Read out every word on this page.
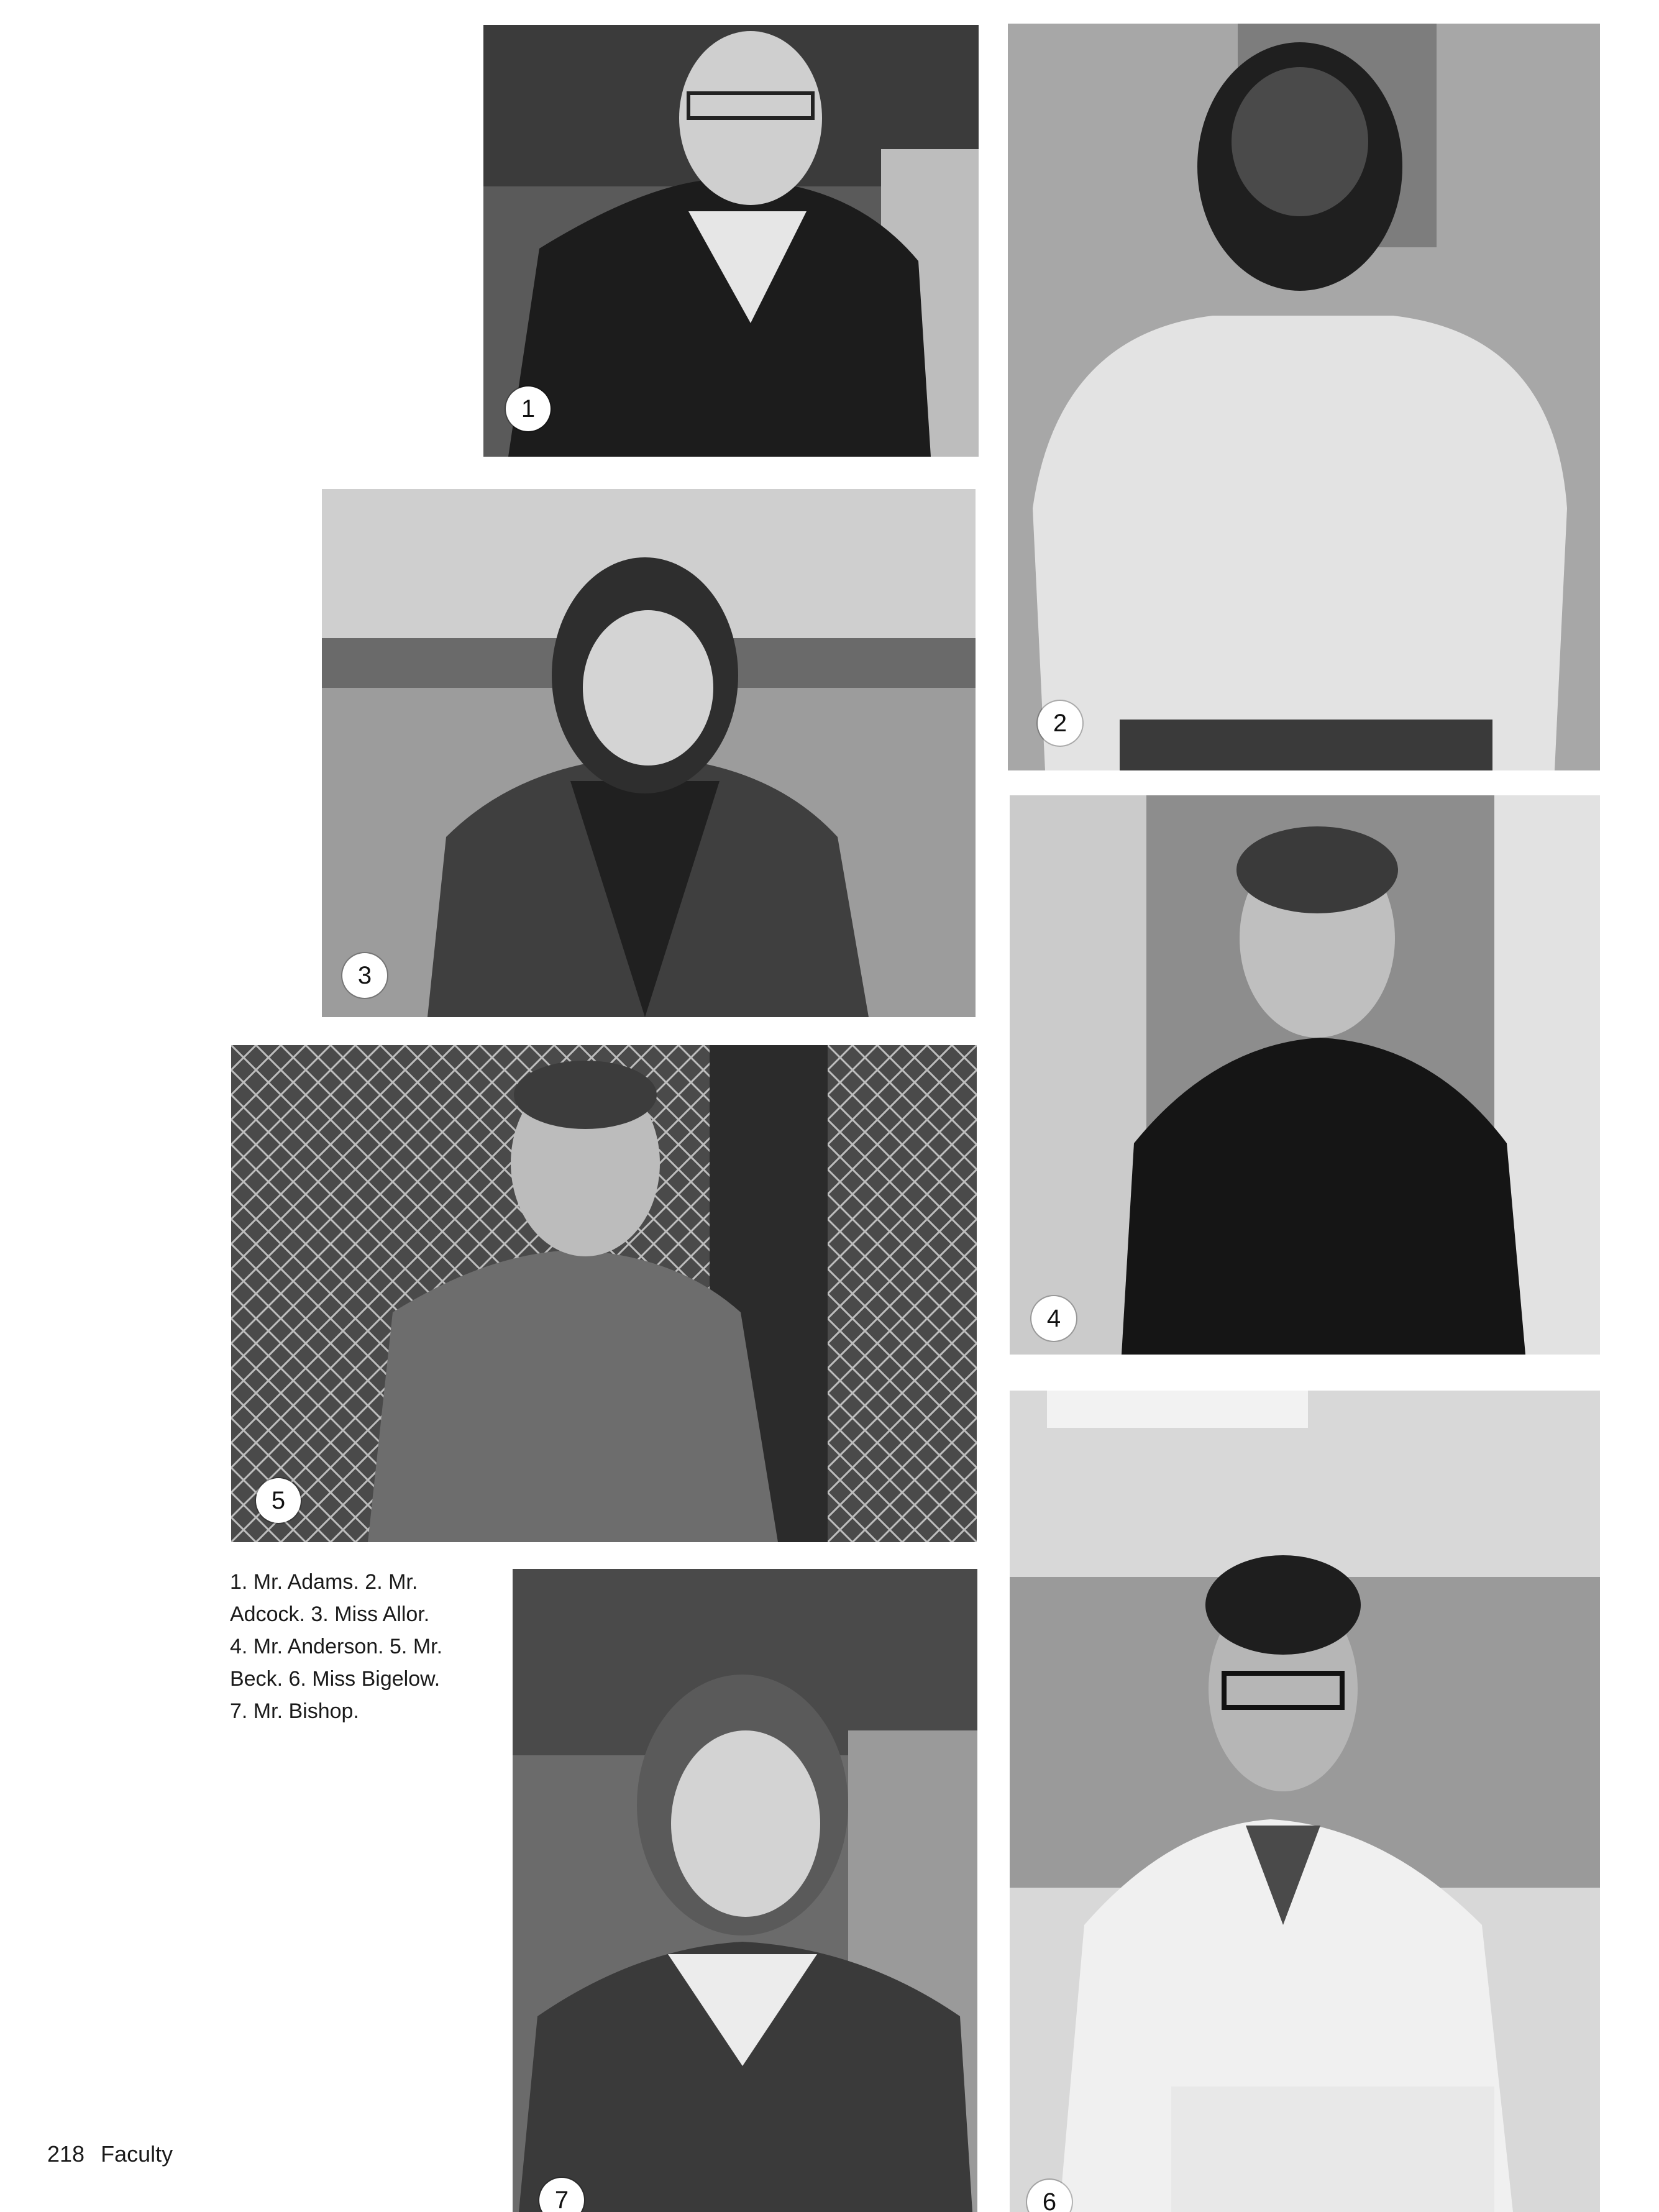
1
2
3
4
5
6
7

1. Mr. Adams. 2. Mr.
Adcock. 3. Miss Allor.
4. Mr. Anderson. 5. Mr.
Beck. 6. Miss Bigelow.
7. Mr. Bishop.

218 Faculty
